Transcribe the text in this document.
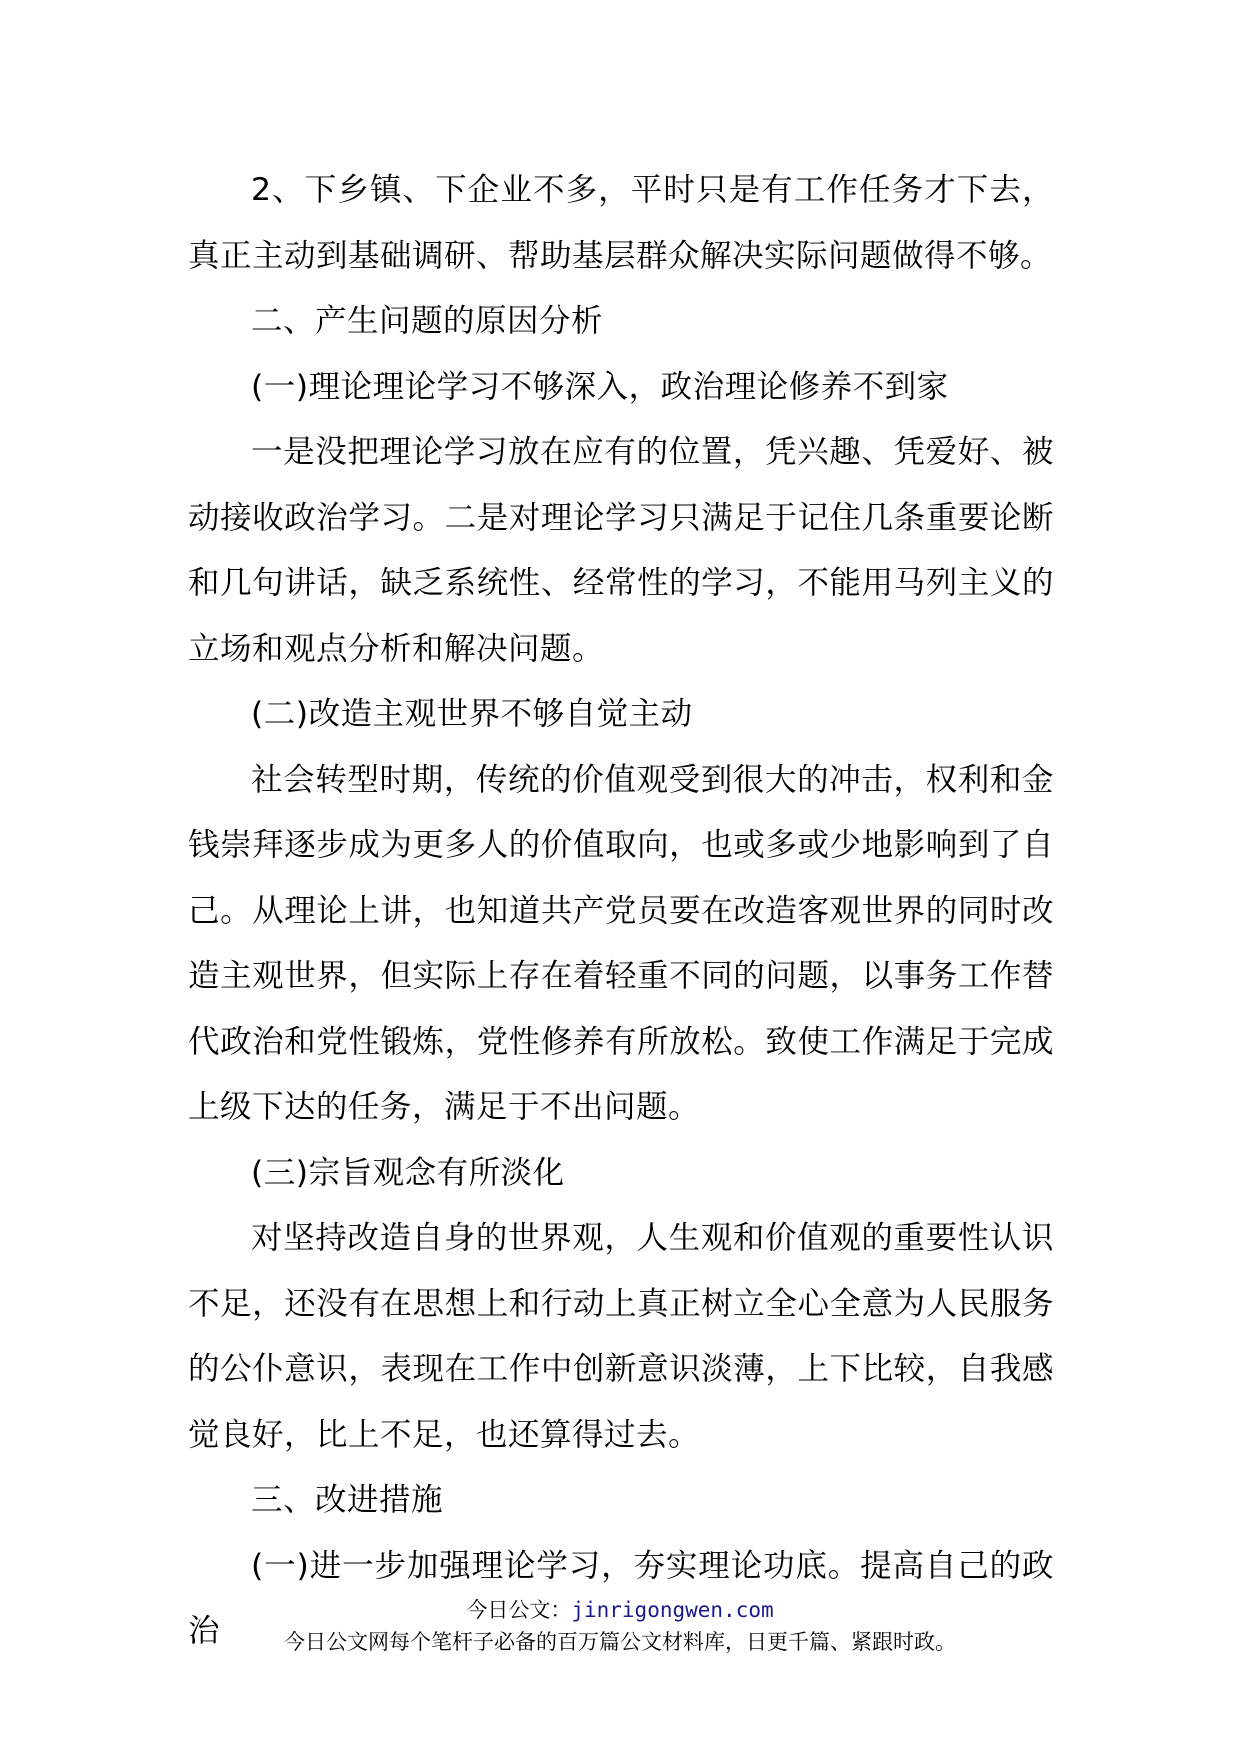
2、下乡镇、下企业不多，平时只是有工作任务才下去，真正主动到基础调研、帮助基层群众解决实际问题做得不够。

二、产生问题的原因分析

(一)理论理论学习不够深入，政治理论修养不到家

一是没把理论学习放在应有的位置，凭兴趣、凭爱好、被动接收政治学习。二是对理论学习只满足于记住几条重要论断和几句讲话，缺乏系统性、经常性的学习，不能用马列主义的立场和观点分析和解决问题。

(二)改造主观世界不够自觉主动

社会转型时期，传统的价值观受到很大的冲击，权利和金钱崇拜逐步成为更多人的价值取向，也或多或少地影响到了自己。从理论上讲，也知道共产党员要在改造客观世界的同时改造主观世界，但实际上存在着轻重不同的问题，以事务工作替代政治和党性锻炼，党性修养有所放松。致使工作满足于完成上级下达的任务，满足于不出问题。

(三)宗旨观念有所淡化

对坚持改造自身的世界观，人生观和价值观的重要性认识不足，还没有在思想上和行动上真正树立全心全意为人民服务的公仆意识，表现在工作中创新意识淡薄，上下比较，自我感觉良好，比上不足，也还算得过去。

三、改进措施

(一)进一步加强理论学习，夯实理论功底。提高自己的政治

今日公文：jinrigongwen.com
今日公文网每个笔杆子必备的百万篇公文材料库，日更千篇、紧跟时政。
